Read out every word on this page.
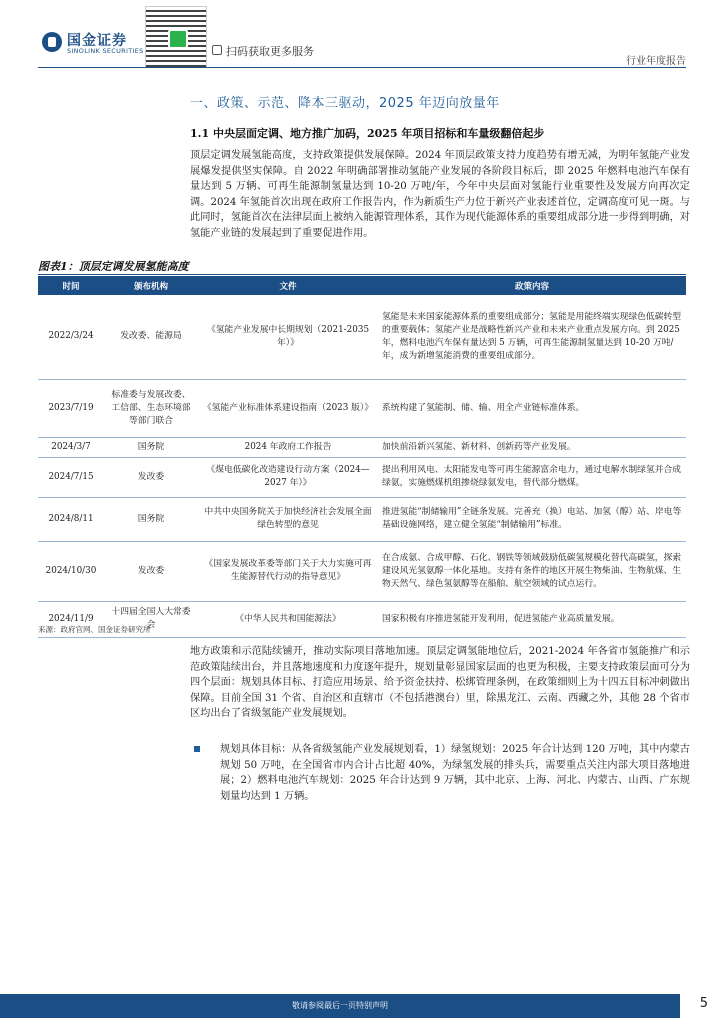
国金证券
SINOLINK SECURITIES	扫码获取更多服务
行业年度报告
一、政策、示范、降本三驱动，2025 年迈向放量年
1.1 中央层面定调、地方推广加码，2025 年项目招标和车量级翻倍起步
顶层定调发展氢能高度，支持政策提供发展保障。2024 年顶层政策支持力度趋势有增无减，为明年氢能产业发展爆发提供坚实保障。自 2022 年明确部署推动氢能产业发展的各阶段目标后，即 2025 年燃料电池汽车保有量达到 5 万辆、可再生能源制氢量达到 10-20 万吨/年，今年中央层面对氢能行业重要性及发展方向再次定调。2024 年氢能首次出现在政府工作报告内，作为新质生产力位于新兴产业表述首位，定调高度可见一斑。与此同时，氢能首次在法律层面上被纳入能源管理体系，其作为现代能源体系的重要组成部分进一步得到明确，对氢能产业链的发展起到了重要促进作用。
图表1：顶层定调发展氢能高度
时间	颁布机构	文件	政策内容
2022/3/24	发改委、能源局	《氢能产业发展中长期规划（2021-2035 年）》	氢能是未来国家能源体系的重要组成部分；氢能是用能终端实现绿色低碳转型的重要载体；氢能产业是战略性新兴产业和未来产业重点发展方向。到 2025 年，燃料电池汽车保有量达到 5 万辆，可再生能源制氢量达到 10-20 万吨/年，成为新增氢能消费的重要组成部分。
2023/7/19	标准委与发展改委、工信部、生态环境部等部门联合	《氢能产业标准体系建设指南（2023 版）》	系统构建了氢能制、储、输、用全产业链标准体系。
2024/3/7	国务院	2024 年政府工作报告	加快前沿新兴氢能、新材料、创新药等产业发展。
2024/7/15	发改委	《煤电低碳化改造建设行动方案（2024—2027 年）》	提出利用风电、太阳能发电等可再生能源富余电力，通过电解水制绿氢并合成绿氨，实施燃煤机组掺烧绿氨发电，替代部分燃煤。
2024/8/11	国务院	中共中央国务院关于加快经济社会发展全面绿色转型的意见	推进氢能“制储输用”全链条发展。完善充（换）电站、加氢（醇）站、岸电等基础设施网络，建立健全氢能“制储输用”标准。
2024/10/30	发改委	《国家发展改革委等部门关于大力实施可再生能源替代行动的指导意见》	在合成氨、合成甲醇、石化、钢铁等领域鼓励低碳氢规模化替代高碳氢，探索建设风光氢氨醇一体化基地。支持有条件的地区开展生物柴油、生物航煤、生物天然气、绿色氢氨醇等在船舶、航空领域的试点运行。
2024/11/9	十四届全国人大常委会	《中华人民共和国能源法》	国家积极有序推进氢能开发利用，促进氢能产业高质量发展。
来源：政府官网、国金证券研究所
地方政策和示范陆续铺开，推动实际项目落地加速。顶层定调氢能地位后，2021-2024 年各省市氢能推广和示范政策陆续出台，并且落地速度和力度逐年提升，规划量彰显国家层面的也更为积极，主要支持政策层面可分为四个层面：规划具体目标、打造应用场景、给予资金扶持、松绑管理条例，在政策细则上为十四五目标冲刺做出保障。目前全国 31 个省、自治区和直辖市（不包括港澳台）里，除黑龙江、云南、西藏之外，其他 28 个省市区均出台了省级氢能产业发展规划。
规划具体目标：从各省级氢能产业发展规划看，1）绿氢规划：2025 年合计达到 120 万吨，其中内蒙古规划 50 万吨，在全国省市内合计占比超 40%，为绿氢发展的排头兵，需要重点关注内部大项目落地进展；2）燃料电池汽车规划：2025 年合计达到 9 万辆，其中北京、上海、河北、内蒙古、山西、广东规划量均达到 1 万辆。
敬请参阅最后一页特别声明	5
